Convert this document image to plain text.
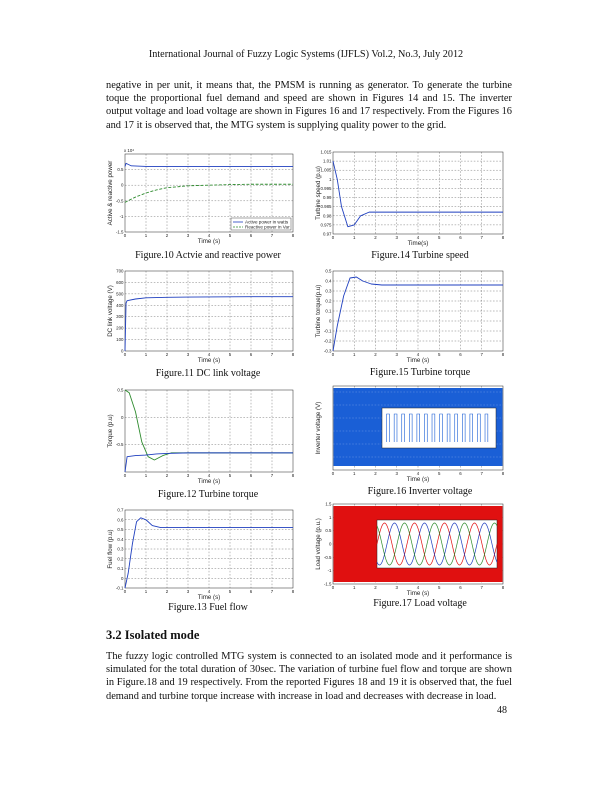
International Journal of Fuzzy Logic Systems (IJFLS) Vol.2, No.3, July 2012

negative in per unit, it means that, the PMSM is running as generator. To generate the turbine toque the proportional fuel demand and speed are shown in Figures 14 and 15. The inverter output voltage and load voltage are shown in Figures 16 and 17 respectively. From the Figures 16 and 17 it is observed that, the MTG system is supplying quality power to the grid.

0	1	2	3	4	5	6	7	8
-1.5
-1
-0.5
0
0.5
Time (s)
Active & reactive power
x 10⁴
Active power in watts
Reactive power in Var
Figure.10 Actvie and reactive power
0	1	2	3	4	5	6	7	8
0
100
200
300
400
500
600
700
Time (s)
DC link voltage (V)
Figure.11 DC link voltage
0	1	2	3	4	5	6	7	8
-0.5
0
0.5
Time (s)
Torque (p.u)
Figure.12 Turbine torque
0	1	2	3	4	5	6	7	8
-0.1
0
0.1
0.2
0.3
0.4
0.5
0.6
0.7
Time (s)
Fuel flow (p.u)
Figure.13 Fuel flow
0	1	2	3	4	5	6	7	8
0.97
0.975
0.98
0.985
0.99
0.995
1
1.005
1.01
1.015
Time(s)
Turbine speed (p.u)
Figure.14 Turbine speed
0	1	2	3	4	5	6	7	8
-0.3
-0.2
-0.1
0
0.1
0.2
0.3
0.4
0.5
Time (s)
Turbine torque(p.u)
Figure.15 Turbine torque
0	1	2	3	4	5	6	7	8
Time (s)
Inverter voltage (V)
Figure.16 Inverter voltage
0	1	2	3	4	5	6	7	8
-1.5
-1
-0.5
0
0.5
1
1.5
Time (s)
Load voltage (p.u.)
Figure.17 Load voltage
3.2 Isolated mode

The fuzzy logic controlled MTG system is connected to an isolated mode and it performance is simulated for the total duration of 30sec. The variation of turbine fuel flow and torque are shown in Figure.18 and 19 respectively. From the reported Figures 18 and 19 it is observed that, the fuel demand and turbine torque increase with increase in load and decreases with decrease in load.

48
